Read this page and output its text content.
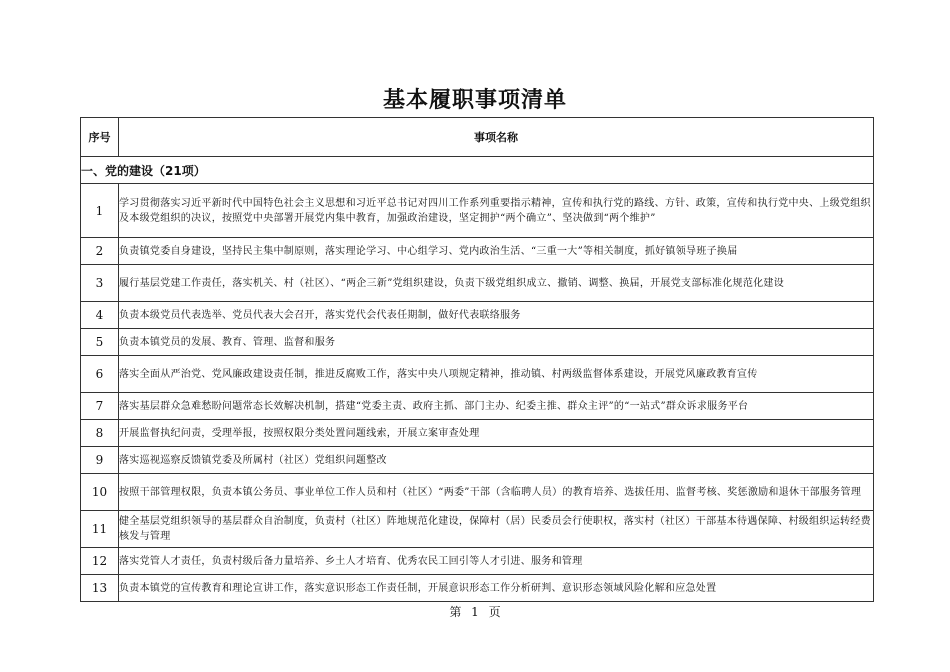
基本履职事项清单
序号	事项名称
一、党的建设（21项）	
1	学习贯彻落实习近平新时代中国特色社会主义思想和习近平总书记对四川工作系列重要指示精神，宣传和执行党的路线、方针、政策，宣传和执行党中央、上级党组织及本级党组织的决议，按照党中央部署开展党内集中教育，加强政治建设，坚定拥护“两个确立”、坚决做到“两个维护”
2	负责镇党委自身建设，坚持民主集中制原则，落实理论学习、中心组学习、党内政治生活、“三重一大”等相关制度，抓好镇领导班子换届
3	履行基层党建工作责任，落实机关、村（社区）、“两企三新”党组织建设，负责下级党组织成立、撤销、调整、换届，开展党支部标准化规范化建设
4	负责本级党员代表选举、党员代表大会召开，落实党代会代表任期制，做好代表联络服务
5	负责本镇党员的发展、教育、管理、监督和服务
6	落实全面从严治党、党风廉政建设责任制，推进反腐败工作，落实中央八项规定精神，推动镇、村两级监督体系建设，开展党风廉政教育宣传
7	落实基层群众急难愁盼问题常态长效解决机制，搭建“党委主责、政府主抓、部门主办、纪委主推、群众主评”的“一站式”群众诉求服务平台
8	开展监督执纪问责，受理举报，按照权限分类处置问题线索，开展立案审查处理
9	落实巡视巡察反馈镇党委及所属村（社区）党组织问题整改
10	按照干部管理权限，负责本镇公务员、事业单位工作人员和村（社区）“两委”干部（含临聘人员）的教育培养、选拔任用、监督考核、奖惩激励和退休干部服务管理
11	健全基层党组织领导的基层群众自治制度，负责村（社区）阵地规范化建设，保障村（居）民委员会行使职权，落实村（社区）干部基本待遇保障、村级组织运转经费核发与管理
12	落实党管人才责任，负责村级后备力量培养、乡土人才培育、优秀农民工回引等人才引进、服务和管理
13	负责本镇党的宣传教育和理论宣讲工作，落实意识形态工作责任制，开展意识形态工作分析研判、意识形态领域风险化解和应急处置
第 1 页
